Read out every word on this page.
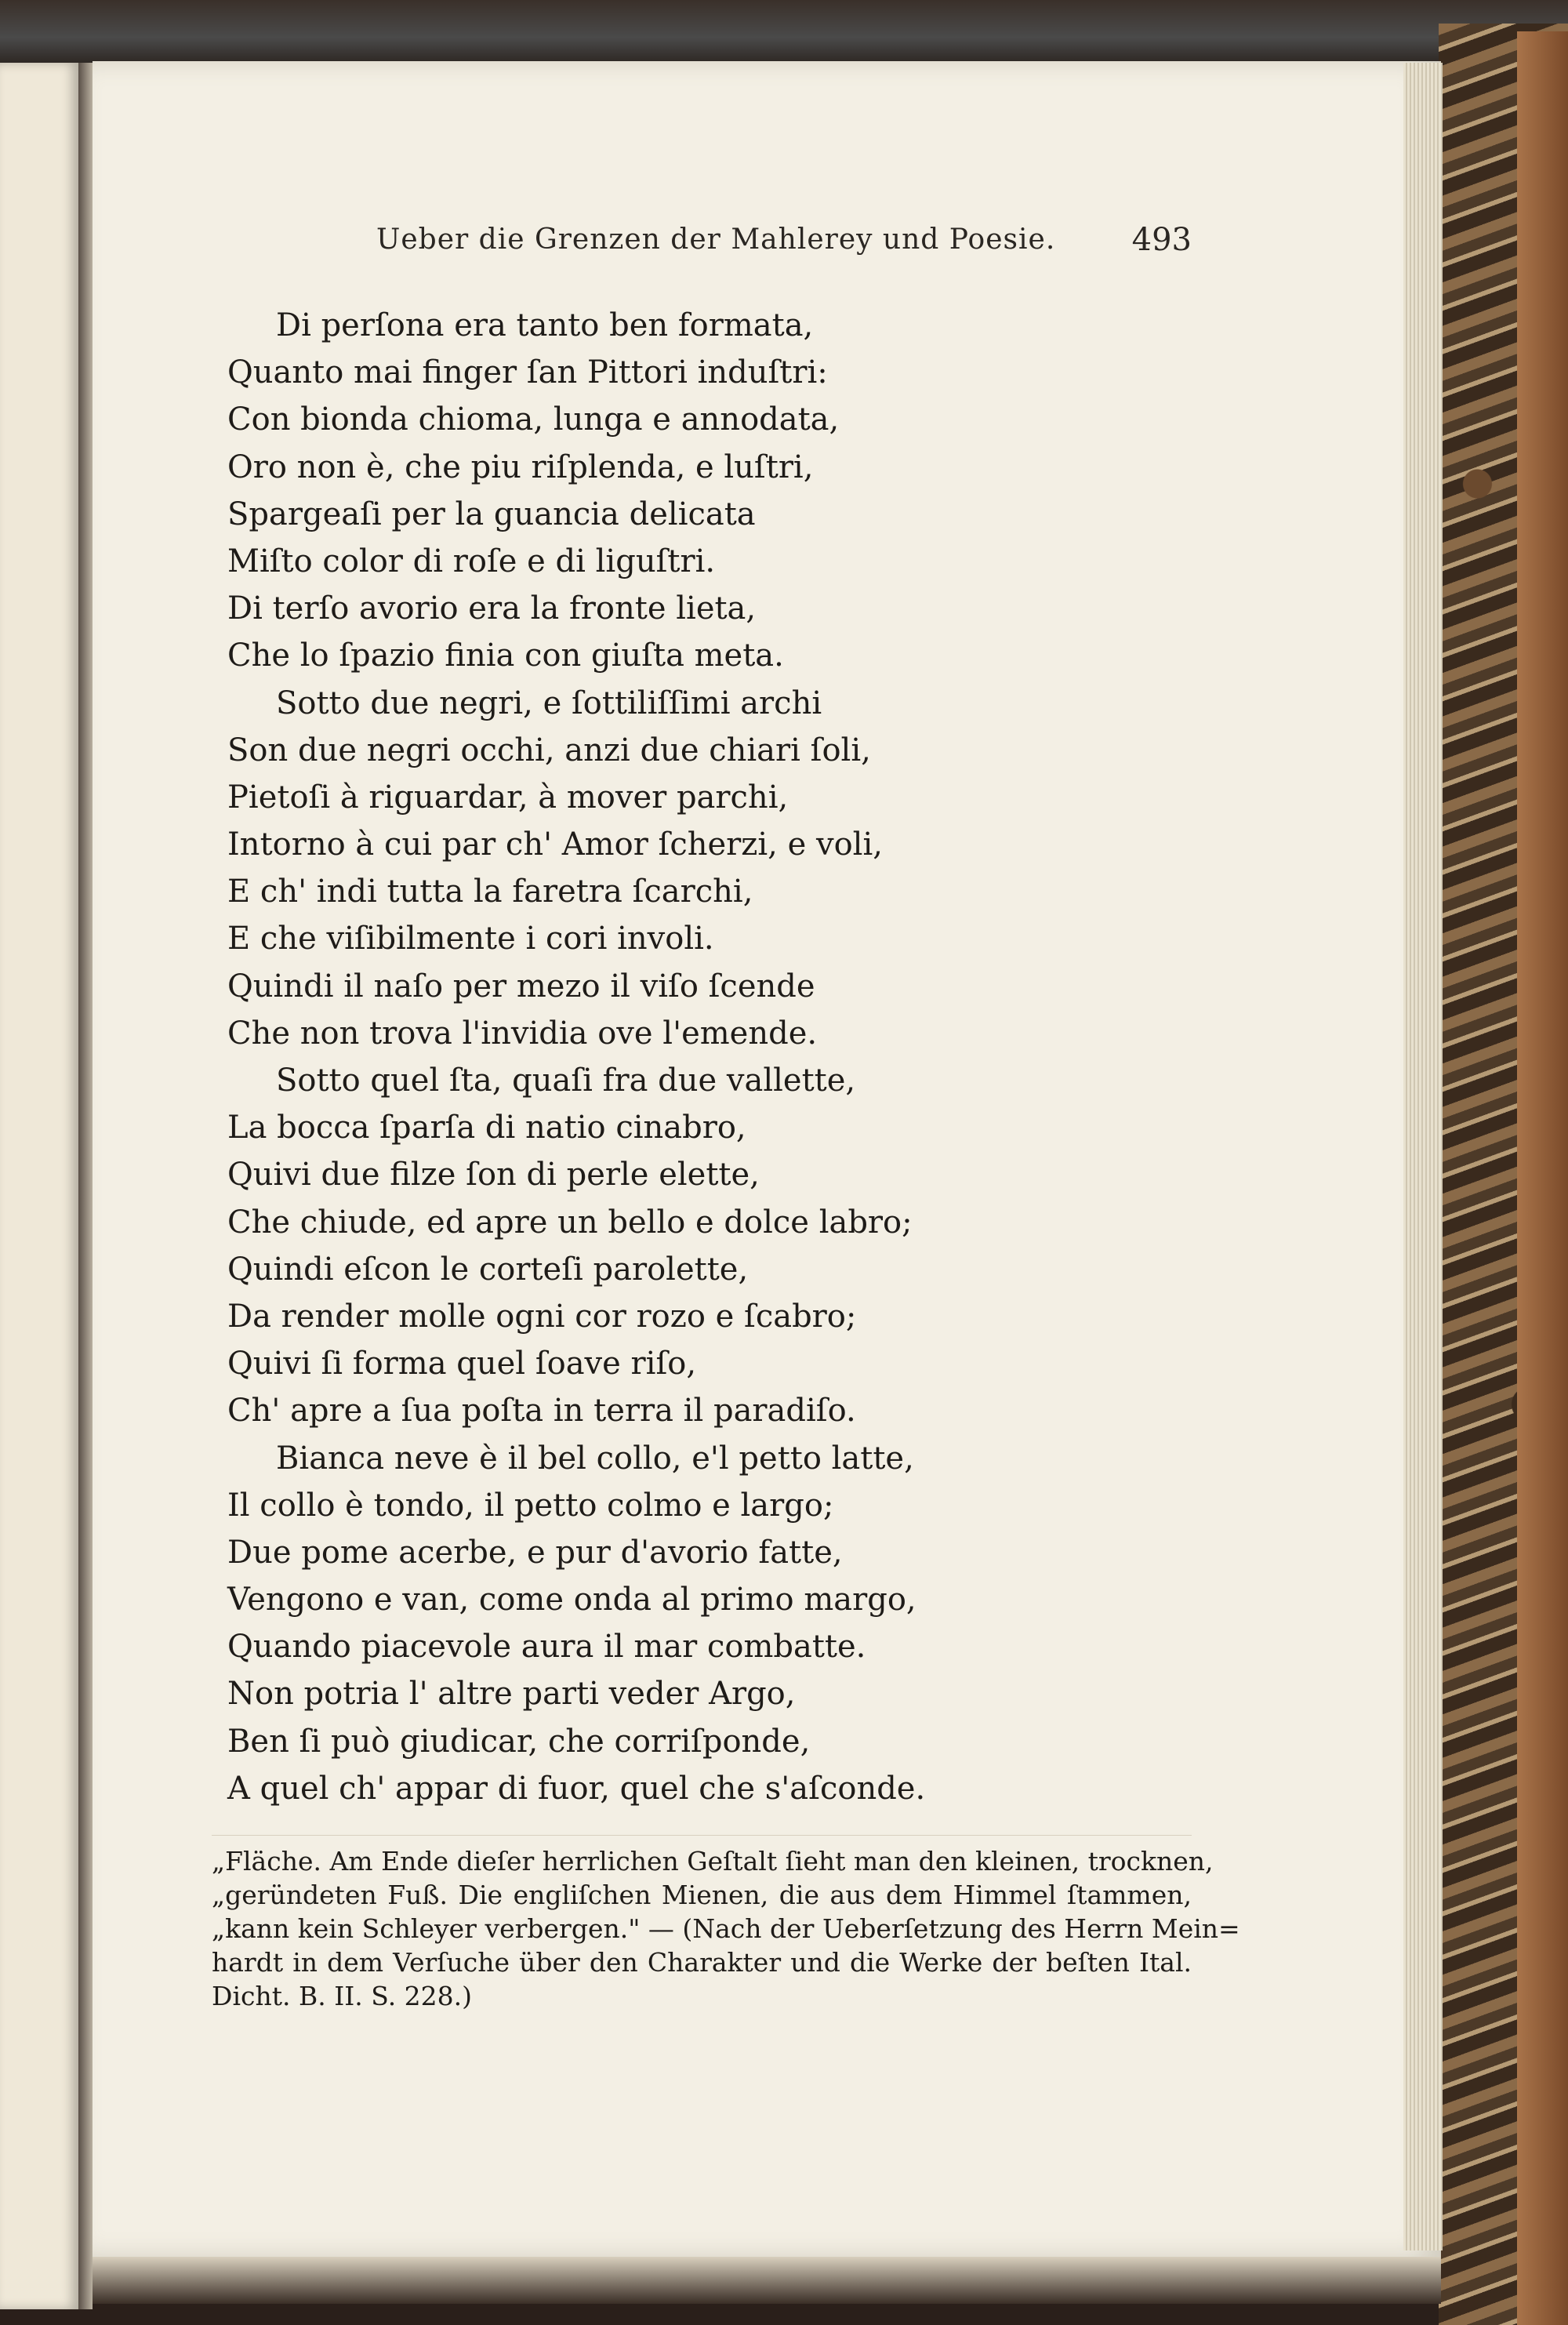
Ueber die Grenzen der Mahlerey und Poesie. 493
Di perſona era tanto ben formata,
Quanto mai finger ſan Pittori induſtri:
Con bionda chioma, lunga e annodata,
Oro non è, che piu riſplenda, e luſtri,
Spargeaſi per la guancia delicata
Miſto color di roſe e di liguſtri.
Di terſo avorio era la fronte lieta,
Che lo ſpazio finia con giuſta meta.
Sotto due negri, e ſottiliſſimi archi
Son due negri occhi, anzi due chiari ſoli,
Pietoſi à riguardar, à mover parchi,
Intorno à cui par ch' Amor ſcherzi, e voli,
E ch' indi tutta la faretra ſcarchi,
E che viſibilmente i cori involi.
Quindi il naſo per mezo il viſo ſcende
Che non trova l'invidia ove l'emende.
Sotto quel ſta, quaſi fra due vallette,
La bocca ſparſa di natio cinabro,
Quivi due filze ſon di perle elette,
Che chiude, ed apre un bello e dolce labro;
Quindi eſcon le corteſi parolette,
Da render molle ogni cor rozo e ſcabro;
Quivi ſi forma quel ſoave riſo,
Ch' apre a ſua poſta in terra il paradiſo.
Bianca neve è il bel collo, e'l petto latte,
Il collo è tondo, il petto colmo e largo;
Due pome acerbe, e pur d'avorio fatte,
Vengono e van, come onda al primo margo,
Quando piacevole aura il mar combatte.
Non potria l' altre parti veder Argo,
Ben ſi può giudicar, che corriſponde,
A quel ch' appar di fuor, quel che s'aſconde.
„Fläche. Am Ende dieſer herrlichen Geſtalt ſieht man den kleinen, trocknen,
„geründeten Fuß. Die engliſchen Mienen, die aus dem Himmel ſtammen,
„kann kein Schleyer verbergen." — (Nach der Ueberſetzung des Herrn Mein=
hardt in dem Verſuche über den Charakter und die Werke der beſten Ital.
Dicht. B. II. S. 228.)
